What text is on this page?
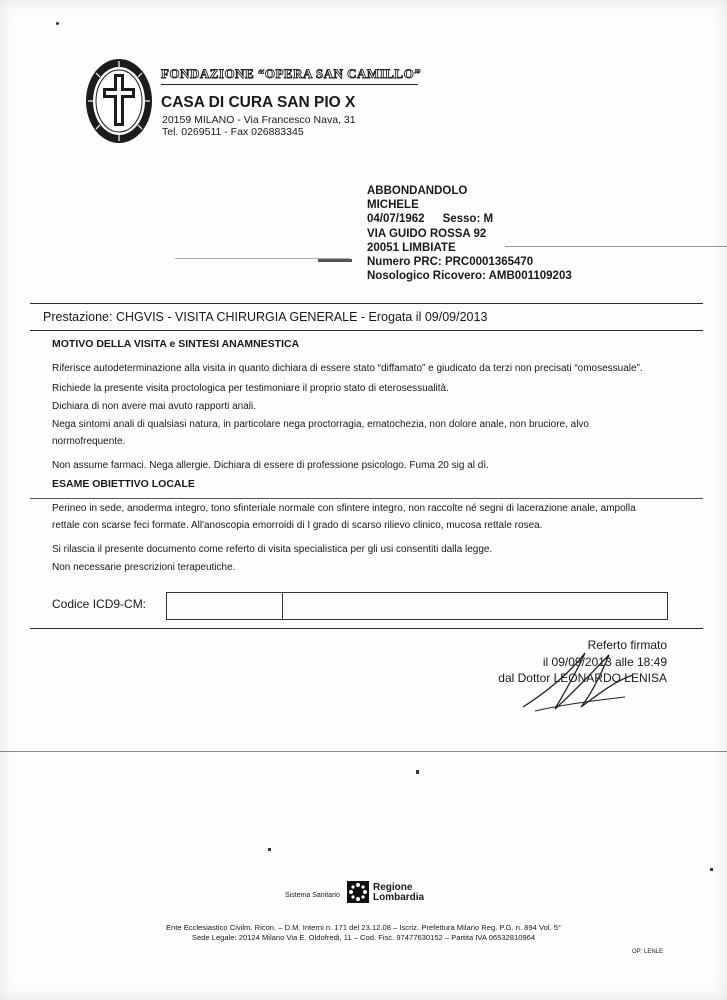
FONDAZIONE “OPERA SAN CAMILLO”
CASA DI CURA SAN PIO X
20159 MILANO - Via Francesco Nava, 31
Tel. 0269511 - Fax 026883345
ABBONDANDOLO
MICHELE
04/07/1962 Sesso: M
VIA GUIDO ROSSA 92
20051 LIMBIATE
Numero PRC: PRC0001365470
Nosologico Ricovero: AMB001109203
Prestazione: CHGVIS - VISITA CHIRURGIA GENERALE - Erogata il 09/09/2013
MOTIVO DELLA VISITA e SINTESI ANAMNESTICA
Riferisce autodeterminazione alla visita in quanto dichiara di essere stato “diffamato” e giudicato da terzi non precisati “omosessuale”.
Richiede la presente visita proctologica per testimoniare il proprio stato di eterosessualità.
Dichiara di non avere mai avuto rapporti anali.
Nega sintomi anali di qualsiasi natura, in particolare nega proctorragia, ematochezia, non dolore anale, non bruciore, alvo
normofrequente.
Non assume farmaci. Nega allergie. Dichiara di essere di professione psicologo. Fuma 20 sig al dì.
ESAME OBIETTIVO LOCALE
Perineo in sede, anoderma integro, tono sfinteriale normale con sfintere integro, non raccolte né segni di lacerazione anale, ampolla
rettale con scarse feci formate. All'anoscopia emorroidi di I grado di scarso rilievo clinico, mucosa rettale rosea.
Si rilascia il presente documento come referto di visita specialistica per gli usi consentiti dalla legge.
Non necessarie prescrizioni terapeutiche.
Codice ICD9-CM:
Referto firmato
il 09/09/2013 alle 18:49
dal Dottor LEONARDO LENISA
Sistema Sanitario
Regione
Lombardia
Ente Ecclesiastico Civilm. Ricon. – D.M. Interni n. 171 del 23.12.08 – Iscriz. Prefettura Milano Reg. P.G. n. 894 Vol. 5°
Sede Legale: 20124 Milano Via E. Oldofredi, 11 – Cod. Fisc. 97477630152 – Partita IVA 06532810964
OP: LENLE
